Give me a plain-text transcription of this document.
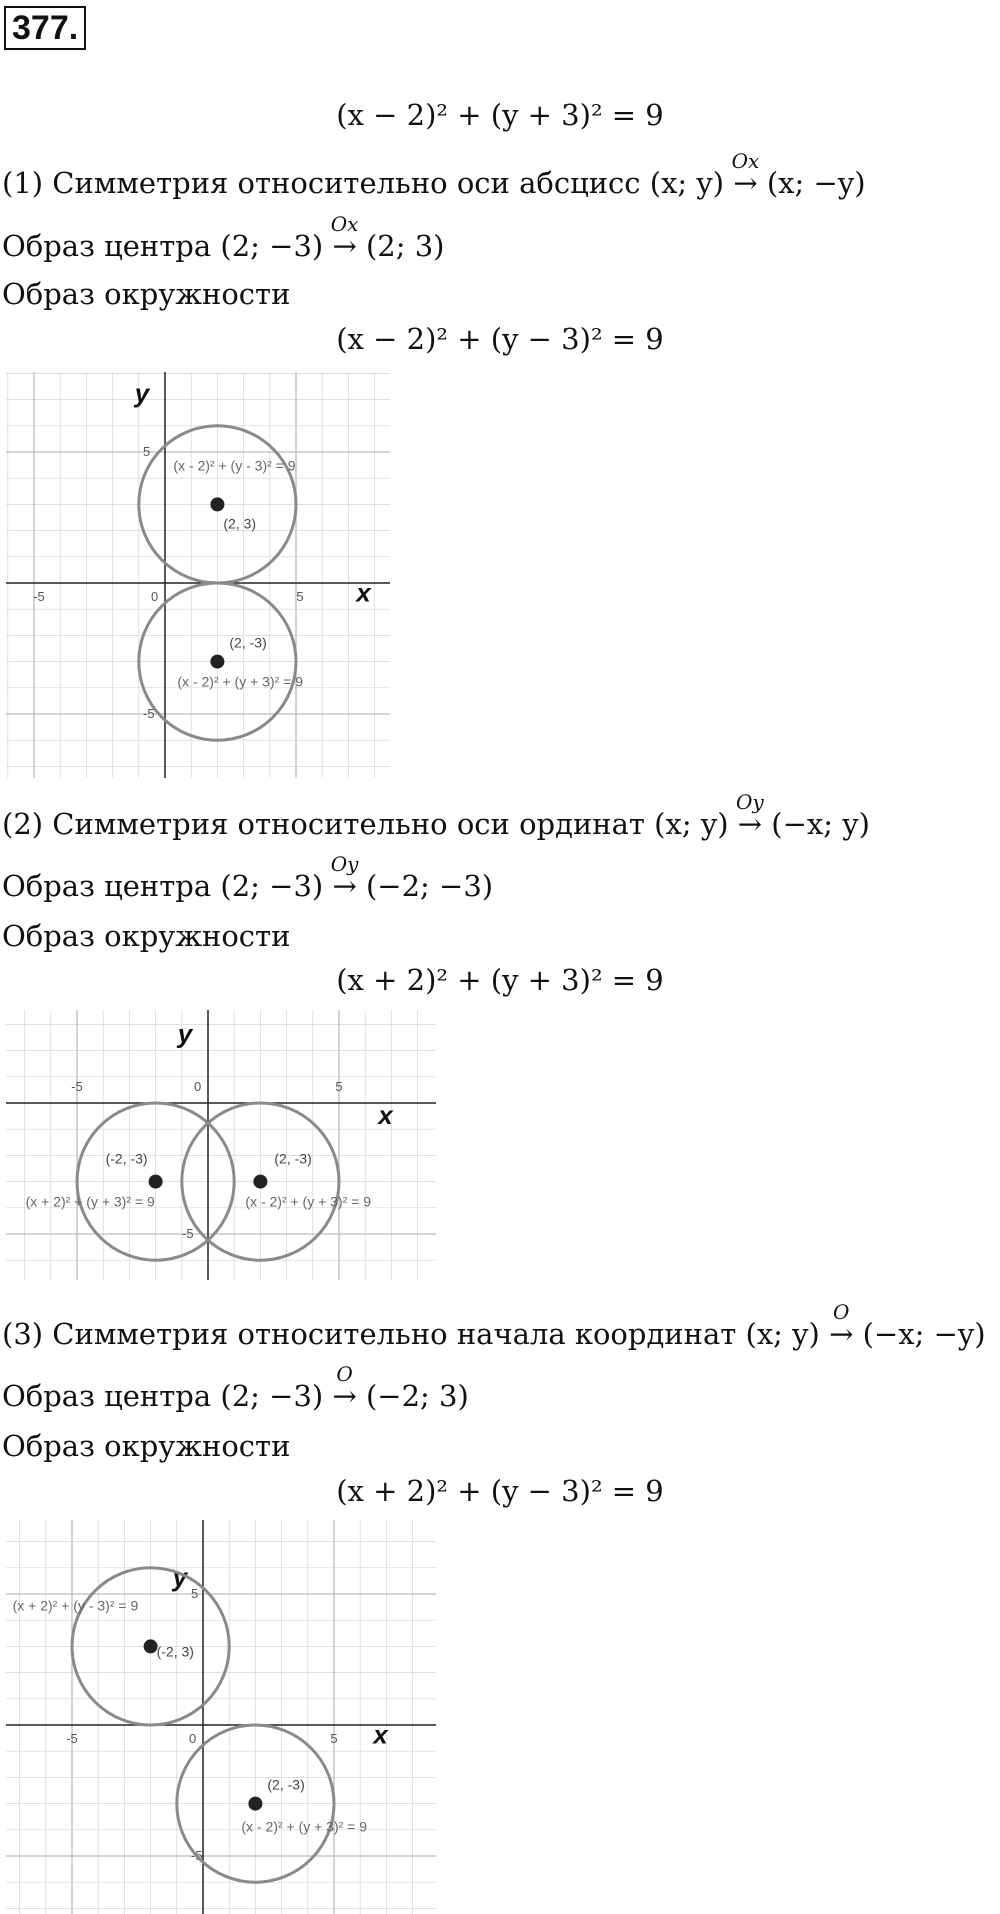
377.
(x − 2)² + (y + 3)² = 9
(1) Симметрия относительно оси абсцисс (x; y)
Ox
→ (x; −y)
Образ центра (2; −3)
Ox
→ (2; 3)
Образ окружности
(x − 2)² + (y − 3)² = 9
x
y
-5	0	5
5
-5
(2, 3)
(x - 2)² + (y - 3)² = 9
(2, -3)
(x - 2)² + (y + 3)² = 9
(2) Симметрия относительно оси ординат (x; y)
Oy
→ (−x; y)
Образ центра (2; −3)
Oy
→ (−2; −3)
Образ окружности
(x + 2)² + (y + 3)² = 9
x
y
-5	0	5
-5
(-2, -3)
(x + 2)² + (y + 3)² = 9
(2, -3)
(x - 2)² + (y + 3)² = 9
(3) Симметрия относительно начала координат (x; y)
O
→ (−x; −y)
Образ центра (2; −3)
O
→ (−2; 3)
Образ окружности
(x + 2)² + (y − 3)² = 9
x
y
-5	0	5
5
-5
(-2, 3)
(x + 2)² + (y - 3)² = 9
(2, -3)
(x - 2)² + (y + 3)² = 9
